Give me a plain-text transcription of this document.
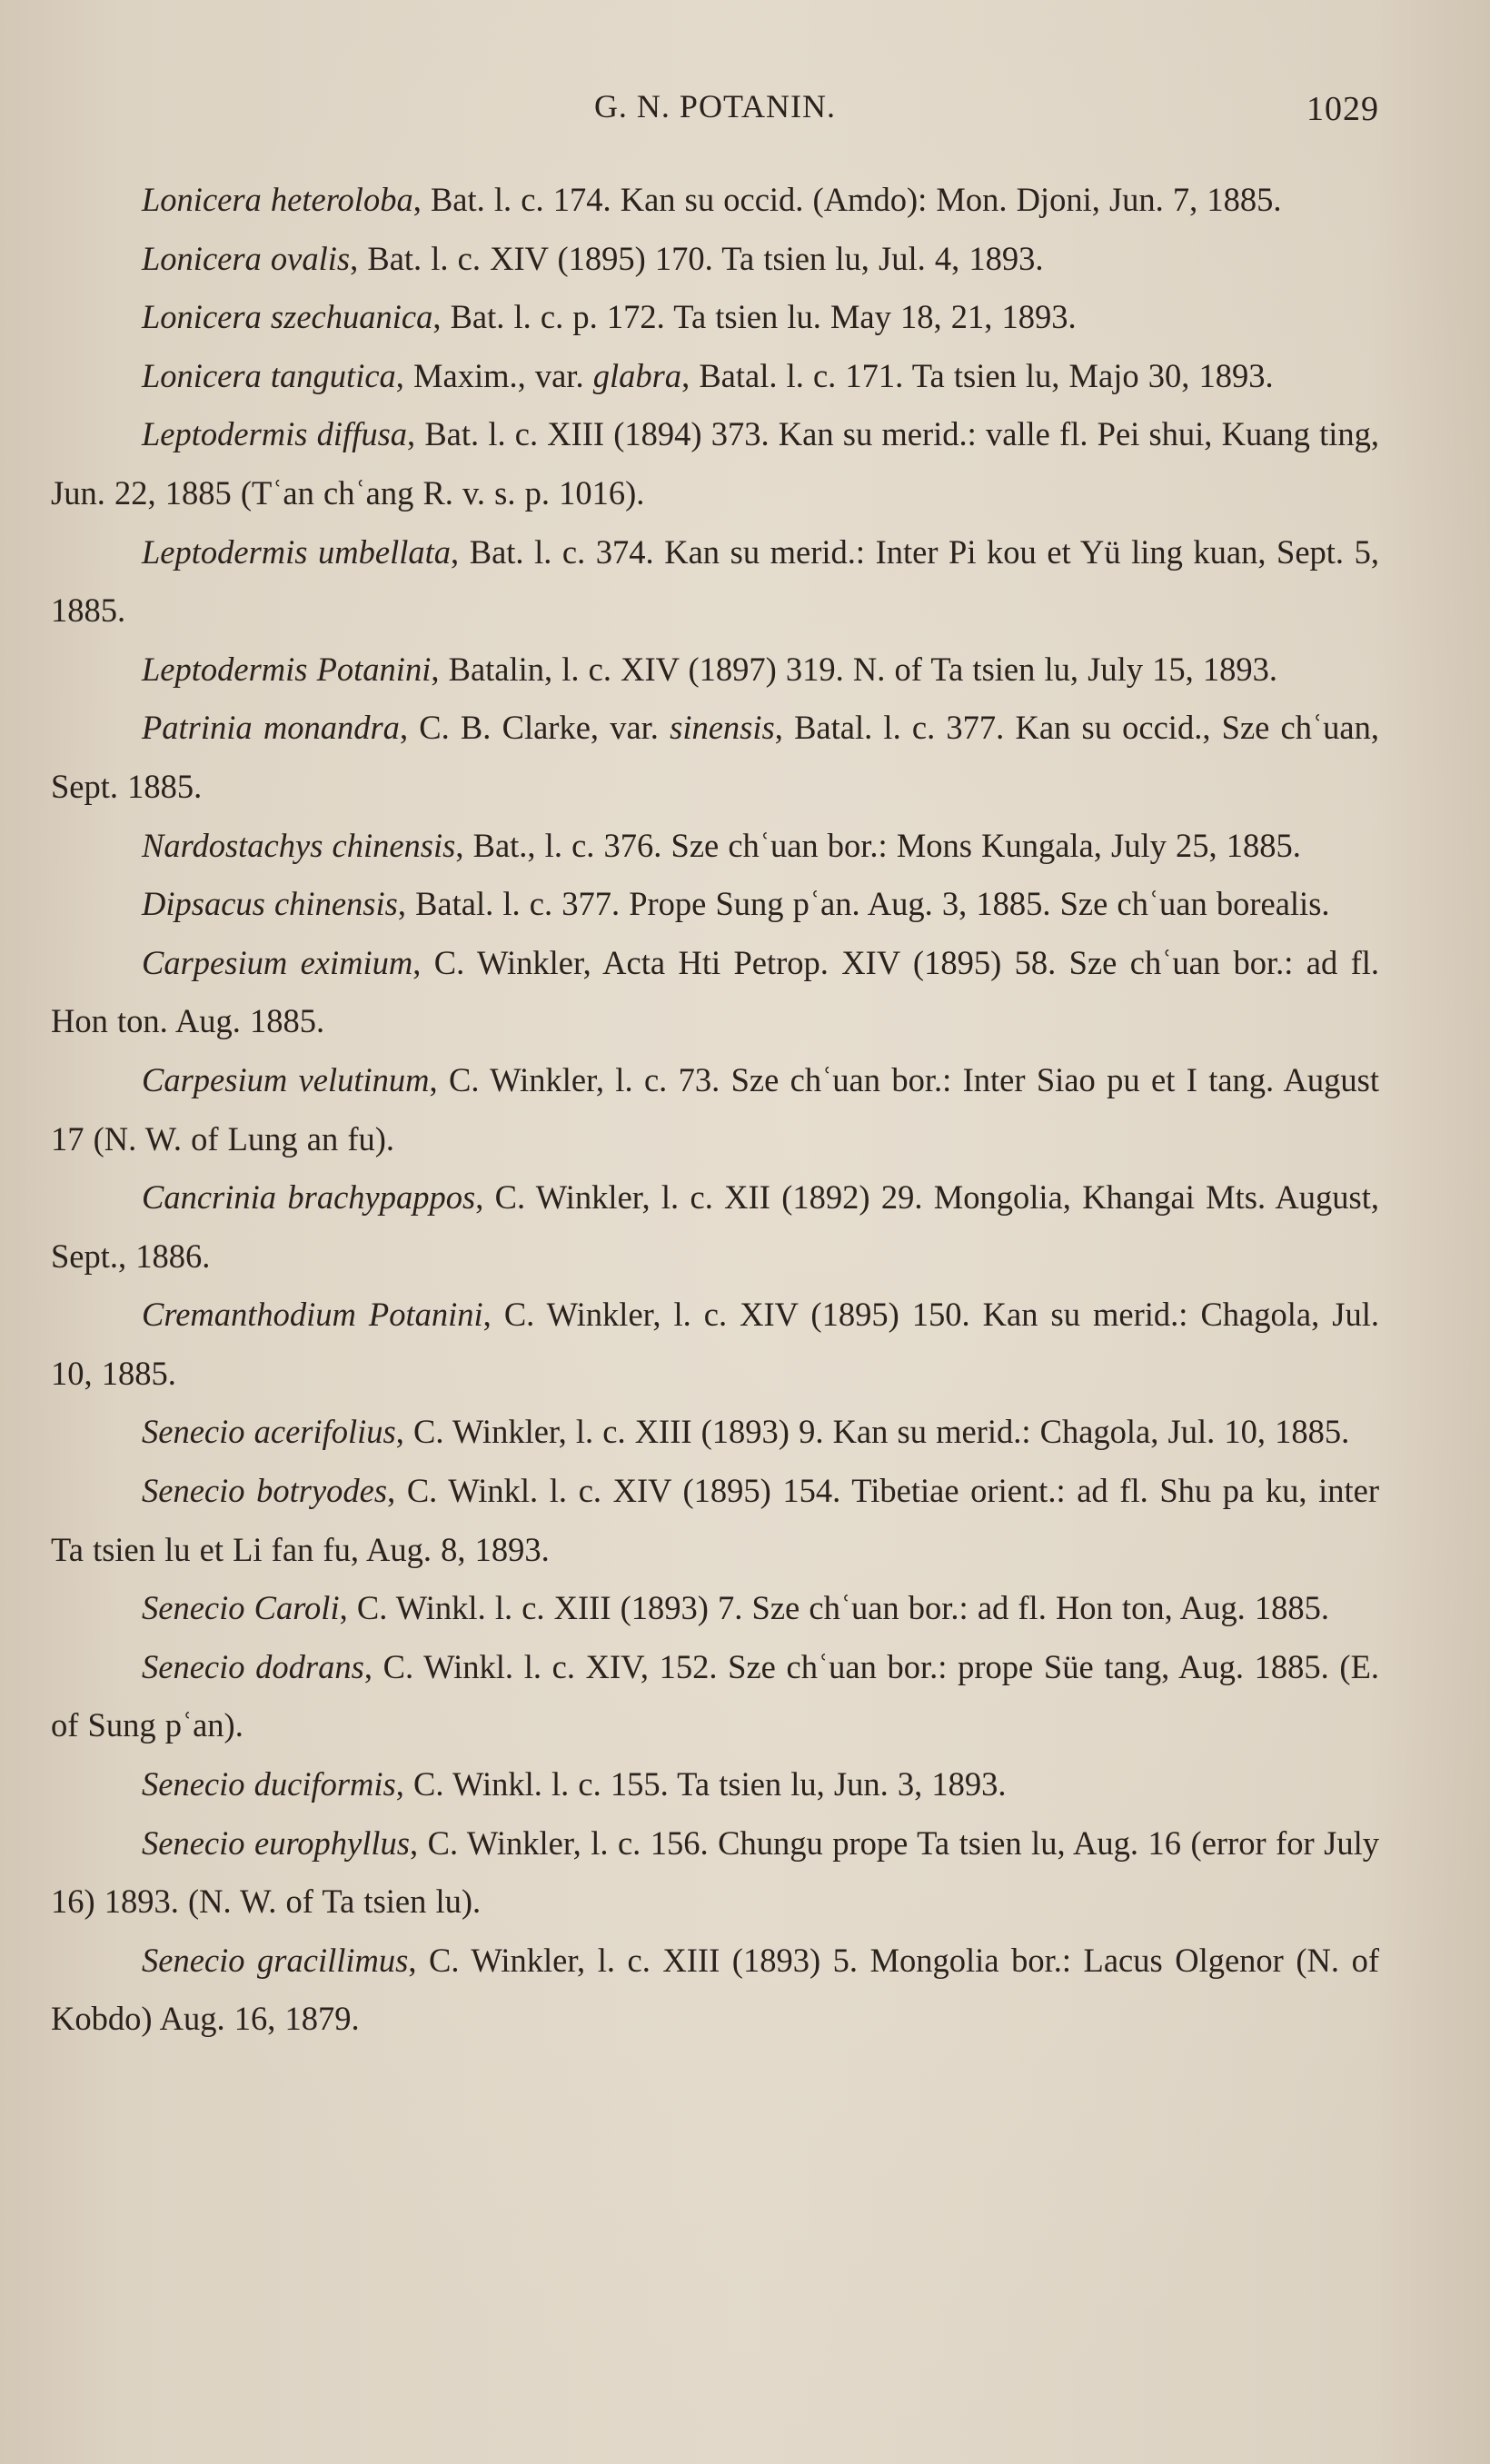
G. N. POTANIN.	1029

Lonicera heteroloba, Bat. l. c. 174. Kan su occid. (Amdo): Mon. Djoni, Jun. 7, 1885.

Lonicera ovalis, Bat. l. c. XIV (1895) 170. Ta tsien lu, Jul. 4, 1893.

Lonicera szechuanica, Bat. l. c. p. 172. Ta tsien lu. May 18, 21, 1893.

Lonicera tangutica, Maxim., var. glabra, Batal. l. c. 171. Ta tsien lu, Majo 30, 1893.

Leptodermis diffusa, Bat. l. c. XIII (1894) 373. Kan su merid.: valle fl. Pei shui, Kuang ting, Jun. 22, 1885 (Tʿan chʿang R. v. s. p. 1016).

Leptodermis umbellata, Bat. l. c. 374. Kan su merid.: Inter Pi kou et Yü ling kuan, Sept. 5, 1885.

Leptodermis Potanini, Batalin, l. c. XIV (1897) 319. N. of Ta tsien lu, July 15, 1893.

Patrinia monandra, C. B. Clarke, var. sinensis, Batal. l. c. 377. Kan su occid., Sze chʿuan, Sept. 1885.

Nardostachys chinensis, Bat., l. c. 376. Sze chʿuan bor.: Mons Kungala, July 25, 1885.

Dipsacus chinensis, Batal. l. c. 377. Prope Sung pʿan. Aug. 3, 1885. Sze chʿuan borealis.

Carpesium eximium, C. Winkler, Acta Hti Petrop. XIV (1895) 58. Sze chʿuan bor.: ad fl. Hon ton. Aug. 1885.

Carpesium velutinum, C. Winkler, l. c. 73. Sze chʿuan bor.: Inter Siao pu et I tang. August 17 (N. W. of Lung an fu).

Cancrinia brachypappos, C. Winkler, l. c. XII (1892) 29. Mongolia, Khangai Mts. August, Sept., 1886.

Cremanthodium Potanini, C. Winkler, l. c. XIV (1895) 150. Kan su merid.: Chagola, Jul. 10, 1885.

Senecio acerifolius, C. Winkler, l. c. XIII (1893) 9. Kan su merid.: Chagola, Jul. 10, 1885.

Senecio botryodes, C. Winkl. l. c. XIV (1895) 154. Tibetiae orient.: ad fl. Shu pa ku, inter Ta tsien lu et Li fan fu, Aug. 8, 1893.

Senecio Caroli, C. Winkl. l. c. XIII (1893) 7. Sze chʿuan bor.: ad fl. Hon ton, Aug. 1885.

Senecio dodrans, C. Winkl. l. c. XIV, 152. Sze chʿuan bor.: prope Süe tang, Aug. 1885. (E. of Sung pʿan).

Senecio duciformis, C. Winkl. l. c. 155. Ta tsien lu, Jun. 3, 1893.

Senecio europhyllus, C. Winkler, l. c. 156. Chungu prope Ta tsien lu, Aug. 16 (error for July 16) 1893. (N. W. of Ta tsien lu).

Senecio gracillimus, C. Winkler, l. c. XIII (1893) 5. Mongolia bor.: Lacus Olgenor (N. of Kobdo) Aug. 16, 1879.
